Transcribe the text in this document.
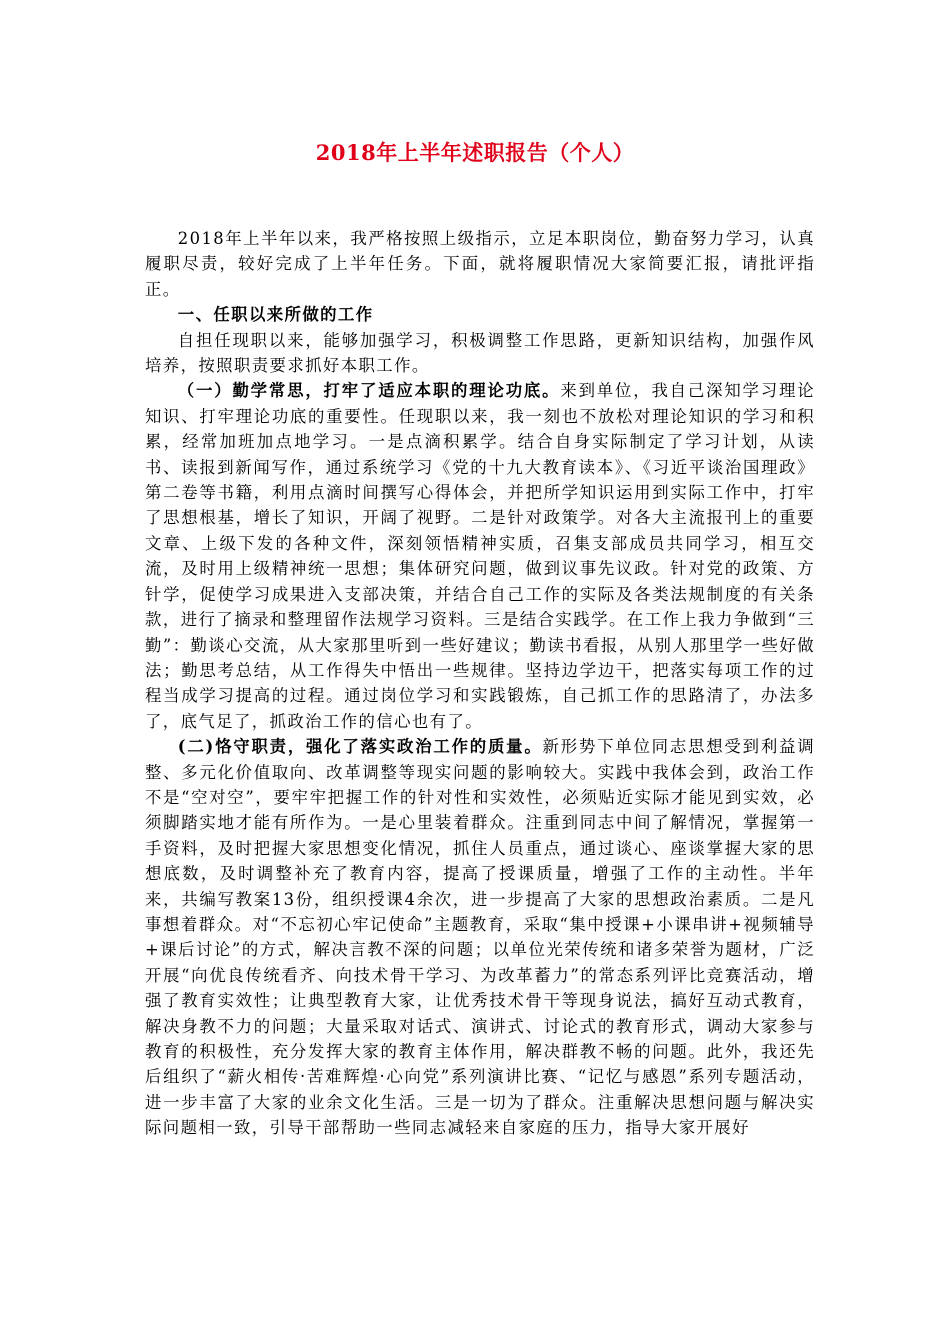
2018年上半年述职报告（个人）

2018年上半年以来，我严格按照上级指示，立足本职岗位，勤奋努力学习，认真履职尽责，较好完成了上半年任务。下面，就将履职情况大家简要汇报，请批评指正。

一、任职以来所做的工作

自担任现职以来，能够加强学习，积极调整工作思路，更新知识结构，加强作风培养，按照职责要求抓好本职工作。

（一）勤学常思，打牢了适应本职的理论功底。来到单位，我自己深知学习理论知识、打牢理论功底的重要性。任现职以来，我一刻也不放松对理论知识的学习和积累，经常加班加点地学习。一是点滴积累学。结合自身实际制定了学习计划，从读书、读报到新闻写作，通过系统学习《党的十九大教育读本》、《习近平谈治国理政》第二卷等书籍，利用点滴时间撰写心得体会，并把所学知识运用到实际工作中，打牢了思想根基，增长了知识，开阔了视野。二是针对政策学。对各大主流报刊上的重要文章、上级下发的各种文件，深刻领悟精神实质，召集支部成员共同学习，相互交流，及时用上级精神统一思想；集体研究问题，做到议事先议政。针对党的政策、方针学，促使学习成果进入支部决策，并结合自己工作的实际及各类法规制度的有关条款，进行了摘录和整理留作法规学习资料。三是结合实践学。在工作上我力争做到“三勤”：勤谈心交流，从大家那里听到一些好建议；勤读书看报，从别人那里学一些好做法；勤思考总结，从工作得失中悟出一些规律。坚持边学边干，把落实每项工作的过程当成学习提高的过程。通过岗位学习和实践锻炼，自己抓工作的思路清了，办法多了，底气足了，抓政治工作的信心也有了。

(二)恪守职责，强化了落实政治工作的质量。新形势下单位同志思想受到利益调整、多元化价值取向、改革调整等现实问题的影响较大。实践中我体会到，政治工作不是“空对空”，要牢牢把握工作的针对性和实效性，必须贴近实际才能见到实效，必须脚踏实地才能有所作为。一是心里装着群众。注重到同志中间了解情况，掌握第一手资料，及时把握大家思想变化情况，抓住人员重点，通过谈心、座谈掌握大家的思想底数，及时调整补充了教育内容，提高了授课质量，增强了工作的主动性。半年来，共编写教案13份，组织授课4余次，进一步提高了大家的思想政治素质。二是凡事想着群众。对“不忘初心牢记使命”主题教育，采取“集中授课+小课串讲+视频辅导+课后讨论”的方式，解决言教不深的问题；以单位光荣传统和诸多荣誉为题材，广泛开展“向优良传统看齐、向技术骨干学习、为改革蓄力”的常态系列评比竞赛活动，增强了教育实效性；让典型教育大家，让优秀技术骨干等现身说法，搞好互动式教育，解决身教不力的问题；大量采取对话式、演讲式、讨论式的教育形式，调动大家参与教育的积极性，充分发挥大家的教育主体作用，解决群教不畅的问题。此外，我还先后组织了“薪火相传·苦难辉煌·心向党”系列演讲比赛、“记忆与感恩”系列专题活动，进一步丰富了大家的业余文化生活。三是一切为了群众。注重解决思想问题与解决实际问题相一致，引导干部帮助一些同志减轻来自家庭的压力，指导大家开展好
